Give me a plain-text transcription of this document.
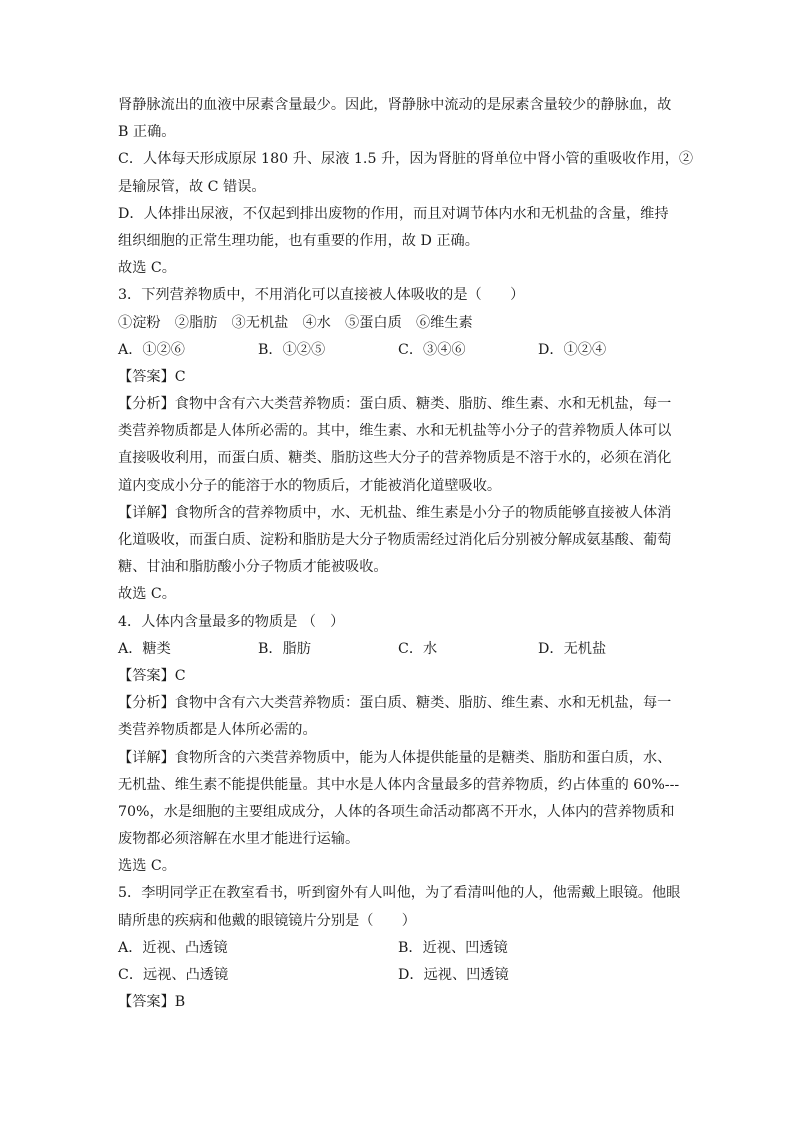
肾静脉流出的血液中尿素含量最少。因此，肾静脉中流动的是尿素含量较少的静脉血，故
B 正确。
C．人体每天形成原尿 180 升、尿液 1.5 升，因为肾脏的肾单位中肾小管的重吸收作用，②
是输尿管，故 C 错误。
D．人体排出尿液，不仅起到排出废物的作用，而且对调节体内水和无机盐的含量，维持
组织细胞的正常生理功能，也有重要的作用，故 D 正确。
故选 C。
3．下列营养物质中，不用消化可以直接被人体吸收的是（　　）
①淀粉　②脂肪　③无机盐　④水　⑤蛋白质　⑥维生素
A．①②⑥	B．①②⑤	C．③④⑥	D．①②④
【答案】C
【分析】食物中含有六大类营养物质：蛋白质、糖类、脂肪、维生素、水和无机盐，每一
类营养物质都是人体所必需的。其中，维生素、水和无机盐等小分子的营养物质人体可以
直接吸收利用，而蛋白质、糖类、脂肪这些大分子的营养物质是不溶于水的，必须在消化
道内变成小分子的能溶于水的物质后，才能被消化道壁吸收。
【详解】食物所含的营养物质中，水、无机盐、维生素是小分子的物质能够直接被人体消
化道吸收，而蛋白质、淀粉和脂肪是大分子物质需经过消化后分别被分解成氨基酸、葡萄
糖、甘油和脂肪酸小分子物质才能被吸收。
故选 C。
4．人体内含量最多的物质是 （　）
A．糖类	B．脂肪	C．水	D．无机盐
【答案】C
【分析】食物中含有六大类营养物质：蛋白质、糖类、脂肪、维生素、水和无机盐，每一
类营养物质都是人体所必需的。
【详解】食物所含的六类营养物质中，能为人体提供能量的是糖类、脂肪和蛋白质，水、
无机盐、维生素不能提供能量。其中水是人体内含量最多的营养物质，约占体重的 60%---
70%，水是细胞的主要组成成分，人体的各项生命活动都离不开水，人体内的营养物质和
废物都必须溶解在水里才能进行运输。
选选 C。
5．李明同学正在教室看书，听到窗外有人叫他，为了看清叫他的人，他需戴上眼镜。他眼
睛所患的疾病和他戴的眼镜镜片分别是（　　）
A．近视、凸透镜	B．近视、凹透镜
C．远视、凸透镜	D．远视、凹透镜
【答案】B
